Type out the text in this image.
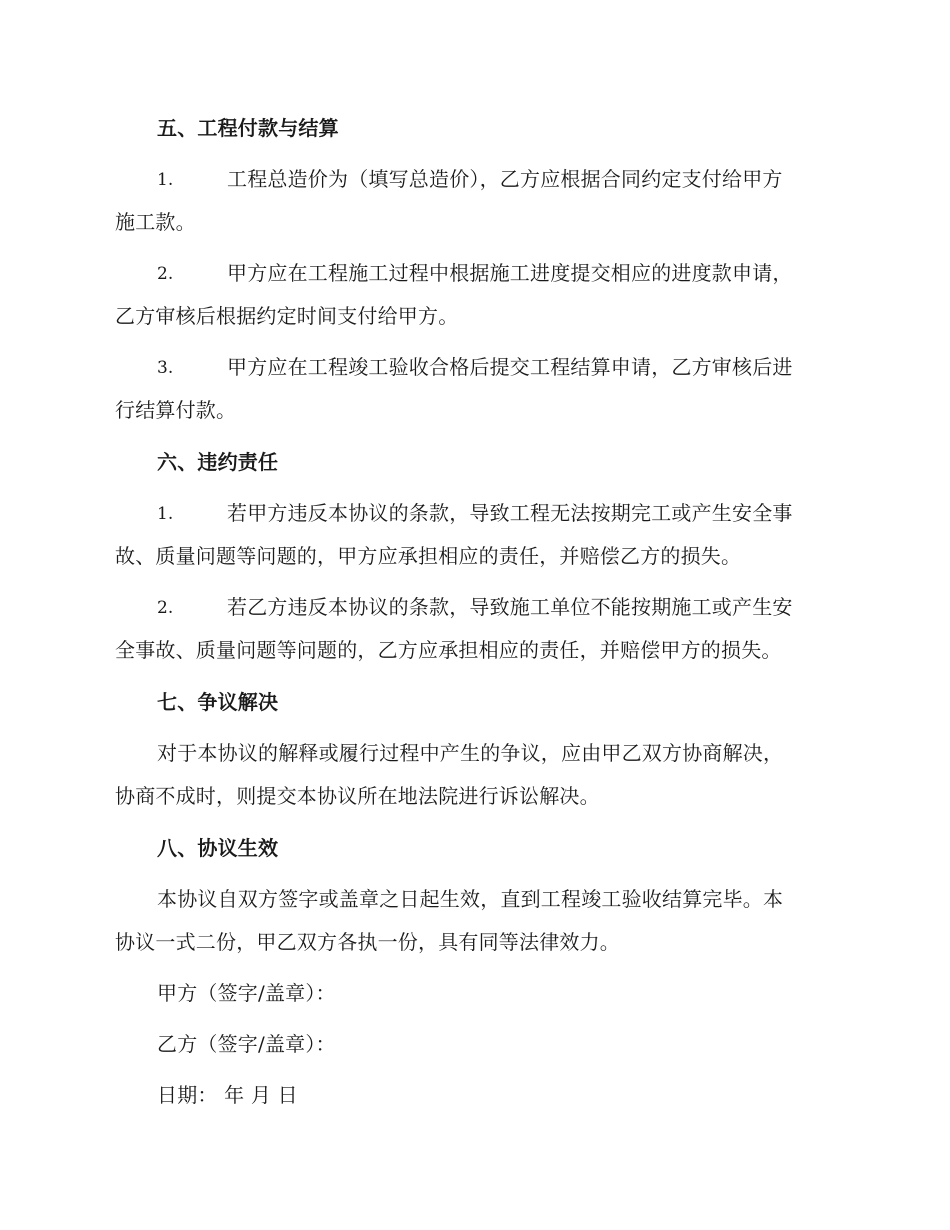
五、工程付款与结算
1.	工程总造价为（填写总造价），乙方应根据合同约定支付给甲方
施工款。
2.	甲方应在工程施工过程中根据施工进度提交相应的进度款申请，
乙方审核后根据约定时间支付给甲方。
3.	甲方应在工程竣工验收合格后提交工程结算申请，乙方审核后进
行结算付款。
六、违约责任
1.	若甲方违反本协议的条款，导致工程无法按期完工或产生安全事
故、质量问题等问题的，甲方应承担相应的责任，并赔偿乙方的损失。
2.	若乙方违反本协议的条款，导致施工单位不能按期施工或产生安
全事故、质量问题等问题的，乙方应承担相应的责任，并赔偿甲方的损失。
七、争议解决
对于本协议的解释或履行过程中产生的争议，应由甲乙双方协商解决，
协商不成时，则提交本协议所在地法院进行诉讼解决。
八、协议生效
本协议自双方签字或盖章之日起生效，直到工程竣工验收结算完毕。本
协议一式二份，甲乙双方各执一份，具有同等法律效力。
甲方（签字/盖章）：
乙方（签字/盖章）：
日期： 年 月 日
